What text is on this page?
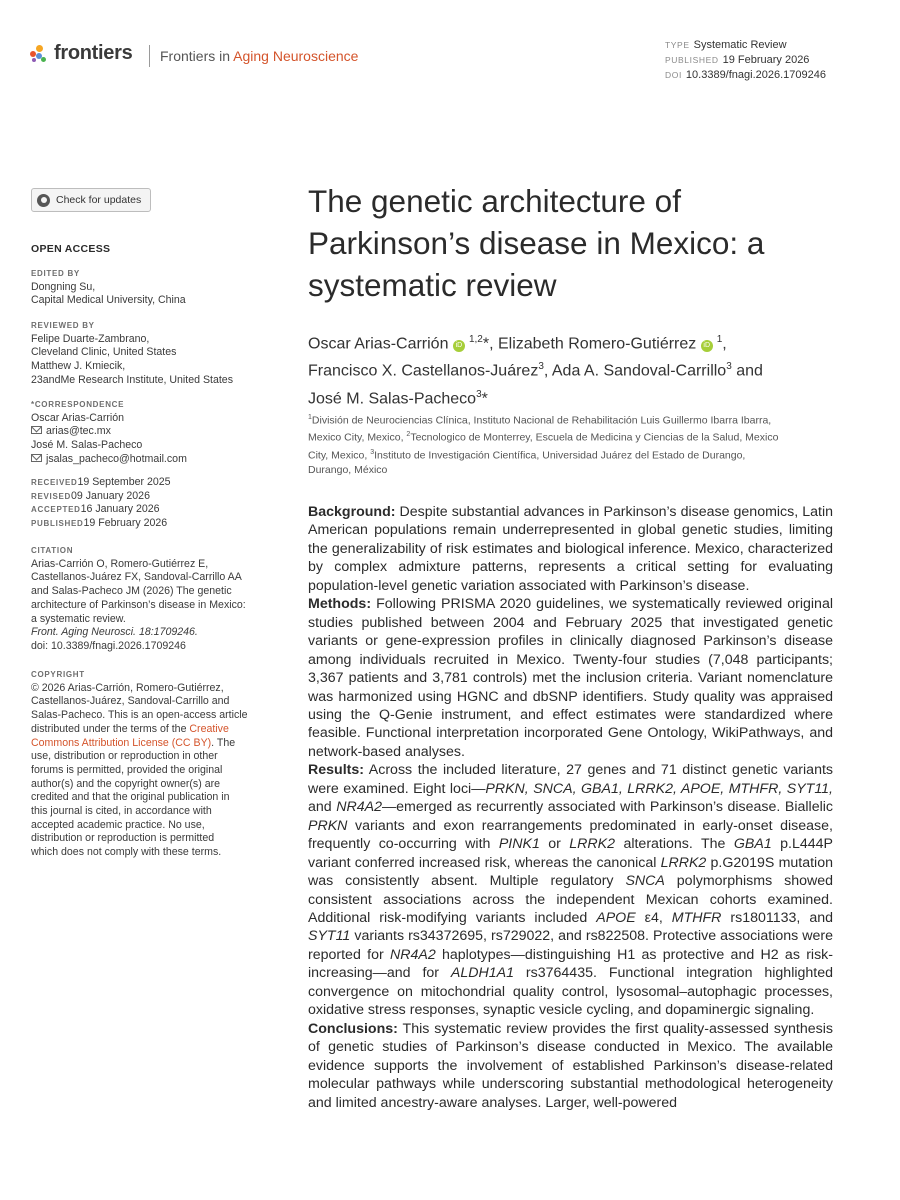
frontiers Frontiers in Aging Neuroscience
TYPE Systematic Review
PUBLISHED 19 February 2026
DOI 10.3389/fnagi.2026.1709246
Check for updates
OPEN ACCESS
EDITED BY
Dongning Su,
Capital Medical University, China
REVIEWED BY
Felipe Duarte-Zambrano,
Cleveland Clinic, United States
Matthew J. Kmiecik,
23andMe Research Institute, United States
*CORRESPONDENCE
Oscar Arias-Carrión
arias@tec.mx
José M. Salas-Pacheco
jsalas_pacheco@hotmail.com
RECEIVED19 September 2025
REVISED09 January 2026
ACCEPTED16 January 2026
PUBLISHED19 February 2026
CITATION
Arias-Carrión O, Romero-Gutiérrez E,
Castellanos-Juárez FX, Sandoval-Carrillo AA
and Salas-Pacheco JM (2026) The genetic
architecture of Parkinson’s disease in Mexico:
a systematic review.
Front. Aging Neurosci. 18:1709246.
doi: 10.3389/fnagi.2026.1709246
COPYRIGHT
© 2026 Arias-Carrión, Romero-Gutiérrez,
Castellanos-Juárez, Sandoval-Carrillo and
Salas-Pacheco. This is an open-access article
distributed under the terms of the Creative
Commons Attribution License (CC BY). The
use, distribution or reproduction in other
forums is permitted, provided the original
author(s) and the copyright owner(s) are
credited and that the original publication in
this journal is cited, in accordance with
accepted academic practice. No use,
distribution or reproduction is permitted
which does not comply with these terms.
The genetic architecture of
Parkinson’s disease in Mexico: a
systematic review
Oscar Arias-Carrión iD$^{1,2}$*, Elizabeth Romero-Gutiérrez $iD^1$,
Francisco X. Castellanos-Juárez$^3$, Ada A. Sandoval-Carrillo$^3$ and
José M. Salas-Pacheco$^3$*
$^1$División de Neurociencias Clínica, Instituto Nacional de Rehabilitación Luis Guillermo Ibarra Ibarra,
Mexico City, Mexico, $^2$Tecnologico de Monterrey, Escuela de Medicina y Ciencias de la Salud, Mexico
City, Mexico, $^3$Instituto de Investigación Científica, Universidad Juárez del Estado de Durango,
Durango, México

Background: Despite substantial advances in Parkinson’s disease genomics, Latin American populations remain underrepresented in global genetic studies, limiting the generalizability of risk estimates and biological inference. Mexico, characterized by complex admixture patterns, represents a critical setting for evaluating population-level genetic variation associated with Parkinson’s disease.

Methods: Following PRISMA 2020 guidelines, we systematically reviewed original studies published between 2004 and February 2025 that investigated genetic variants or gene-expression profiles in clinically diagnosed Parkinson’s disease among individuals recruited in Mexico. Twenty-four studies (7,048 participants; 3,367 patients and 3,781 controls) met the inclusion criteria. Variant nomenclature was harmonized using HGNC and dbSNP identifiers. Study quality was appraised using the Q-Genie instrument, and effect estimates were standardized where feasible. Functional interpretation incorporated Gene Ontology, WikiPathways, and network-based analyses.

Results: Across the included literature, 27 genes and 71 distinct genetic variants were examined. Eight loci—PRKN, SNCA, GBA1, LRRK2, APOE, MTHFR, SYT11, and NR4A2—emerged as recurrently associated with Parkinson’s disease. Biallelic PRKN variants and exon rearrangements predominated in early-onset disease, frequently co-occurring with PINK1 or LRRK2 alterations. The GBA1 p.L444P variant conferred increased risk, whereas the canonical LRRK2 p.G2019S mutation was consistently absent. Multiple regulatory SNCA polymorphisms showed consistent associations across the independent Mexican cohorts examined. Additional risk-modifying variants included APOE ε4, MTHFR rs1801133, and SYT11 variants rs34372695, rs729022, and rs822508. Protective associations were reported for NR4A2 haplotypes—distinguishing H1 as protective and H2 as risk-increasing—and for ALDH1A1 rs3764435. Functional integration highlighted convergence on mitochondrial quality control, lysosomal–autophagic processes, oxidative stress responses, synaptic vesicle cycling, and dopaminergic signaling.

Conclusions: This systematic review provides the first quality-assessed synthesis of genetic studies of Parkinson’s disease conducted in Mexico. The available evidence supports the involvement of established Parkinson’s disease-related molecular pathways while underscoring substantial methodological heterogeneity and limited ancestry-aware analyses. Larger, well-powered
